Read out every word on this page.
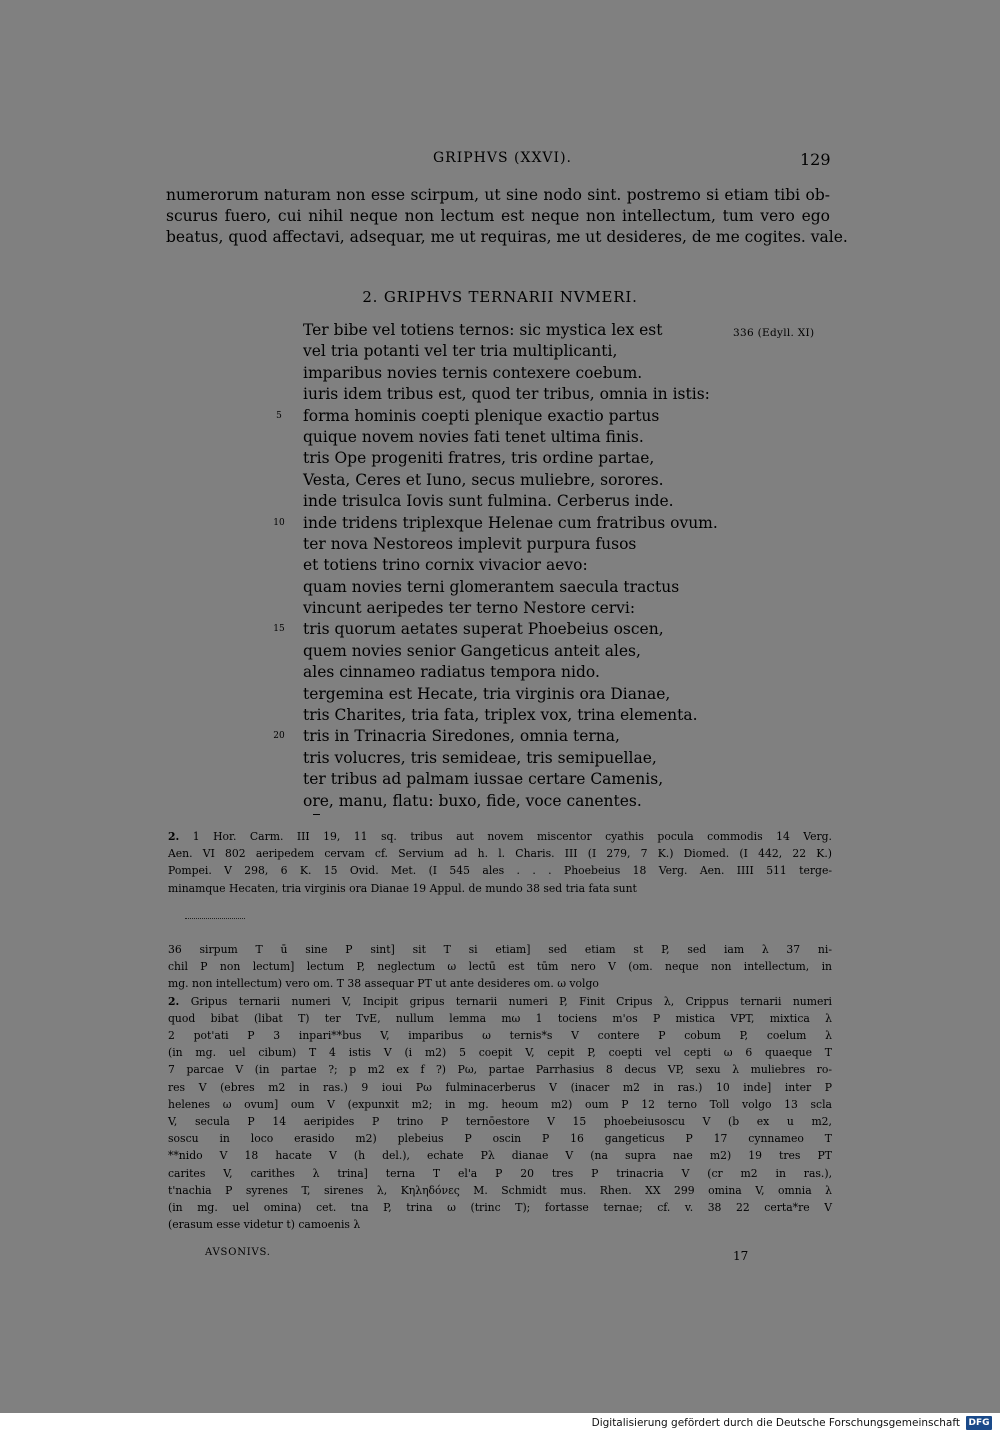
GRIPHVS (XXVI).	129
numerorum naturam non esse scirpum, ut sine nodo sint. postremo si etiam tibi ob-
scurus fuero, cui nihil neque non lectum est neque non intellectum, tum vero ego
beatus, quod affectavi, adsequar, me ut requiras, me ut desideres, de me cogites. vale.
2. GRIPHVS TERNARII NVMERI.
336 (Edyll. XI)
Ter bibe vel totiens ternos: sic mystica lex est
vel tria potanti vel ter tria multiplicanti,
imparibus novies ternis contexere coebum.
iuris idem tribus est, quod ter tribus, omnia in istis:
5	forma hominis coepti plenique exactio partus
quique novem novies fati tenet ultima finis.
tris Ope progeniti fratres, tris ordine partae,
Vesta, Ceres et Iuno, secus muliebre, sorores.
inde trisulca Iovis sunt fulmina. Cerberus inde.
10 inde tridens triplexque Helenae cum fratribus ovum.
ter nova Nestoreos implevit purpura fusos
et totiens trino cornix vivacior aevo:
quam novies terni glomerantem saecula tractus
vincunt aeripedes ter terno Nestore cervi:
15 tris quorum aetates superat Phoebeius oscen,
quem novies senior Gangeticus anteit ales,
ales cinnameo radiatus tempora nido.
tergemina est Hecate, tria virginis ora Dianae,
tris Charites, tria fata, triplex vox, trina elementa.
20 tris in Trinacria Siredones, omnia terna,
tris volucres, tris semideae, tris semipuellae,
ter tribus ad palmam iussae certare Camenis,
ore, manu, flatu: buxo, fide, voce canentes.
2. 1 Hor. Carm. III 19, 11 sq. tribus aut novem miscentor cyathis pocula commodis 14 Verg.
Aen. VI 802 aeripedem cervam cf. Servium ad h. l. Charis. III (I 279, 7 K.) Diomed. (I 442, 22 K.)
Pompei. V 298, 6 K. 15 Ovid. Met. (I 545 ales . . . Phoebeius 18 Verg. Aen. IIII 511 terge-
minamque Hecaten, tria virginis ora Dianae 19 Appul. de mundo 38 sed tria fata sunt
36 sirpum T ū sine P sint] sit T si etiam] sed etiam st P, sed iam λ 37 ni-
chil P non lectum] lectum P, neglectum ω lectū est tūm nero V (om. neque non intellectum, in
mg. non intellectum) vero om. T 38 assequar PT ut ante desideres om. ω volgo
2. Gripus ternarii numeri V, Incipit gripus ternarii numeri P, Finit Cripus λ, Crippus ternarii numeri
quod bibat (libat T) ter TvE, nullum lemma mω 1 tociens m'os P mistica VPT, mixtica λ
2 pot'ati P 3 inpari**bus V, imparibus ω ternis*s V contere P cobum P, coelum λ
(in mg. uel cibum) T 4 istis V (i m2) 5 coepit V, cepit P, coepti vel cepti ω 6 quaeque T
7 parcae V (in partae ?; p m2 ex f ?) Pω, partae Parrhasius 8 decus VP, sexu λ muliebres ro-
res V (ebres m2 in ras.) 9 ioui Pω fulminacerberus V (inacer m2 in ras.) 10 inde] inter P
helenes ω ovum] oum V (expunxit m2; in mg. heoum m2) oum P 12 terno Toll volgo 13 scla
V, secula P 14 aeripides P trino P ternōestore V 15 phoebeiusoscu V (b ex u m2,
soscu in loco erasido m2) plebeius P oscin P 16 gangeticus P 17 cynnameo T
**nido V 18 hacate V (h del.), echate Pλ dianae V (na supra nae m2) 19 tres PT
carites V, carithes λ trina] terna T el'a P 20 tres P trinacria V (cr m2 in ras.),
t'nachia P syrenes T, sirenes λ, Κηληδόνες M. Schmidt mus. Rhen. XX 299 omina V, omnia λ
(in mg. uel omina) cet. tna P, trina ω (trinc T); fortasse ternae; cf. v. 38 22 certa*re V
(erasum esse videtur t) camoenis λ
AVSONIVS.	17
Digitalisierung gefördert durch die Deutsche Forschungsgemeinschaft DFG
